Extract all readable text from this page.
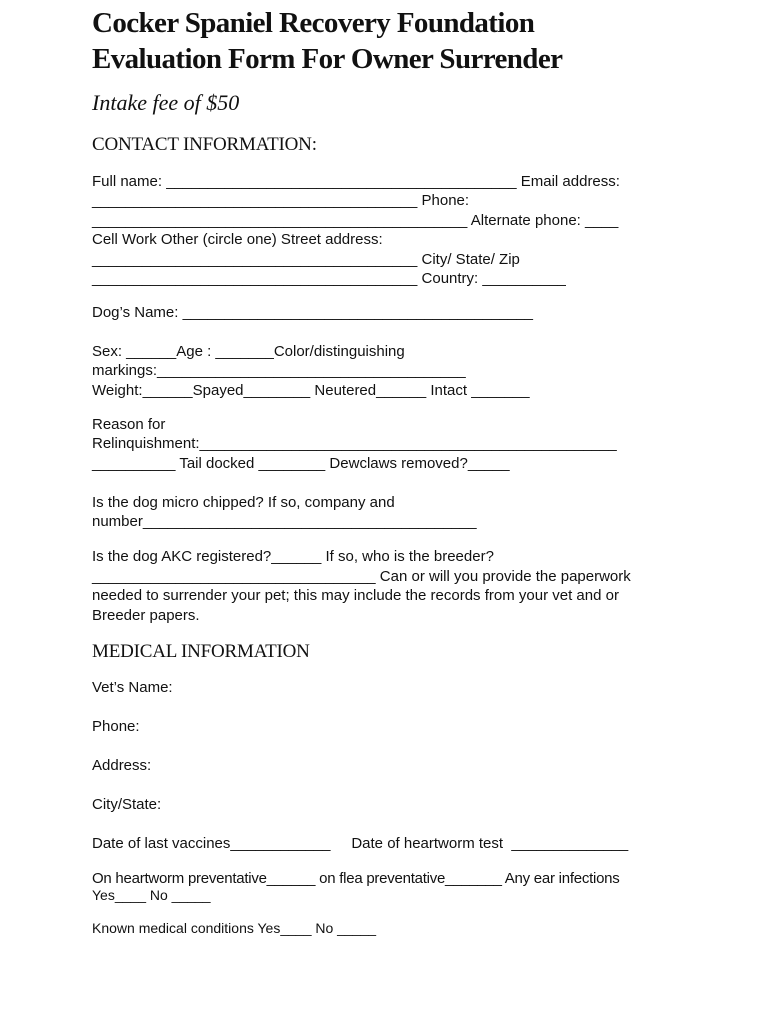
Cocker Spaniel Recovery Foundation
Evaluation Form For Owner Surrender
Intake fee of $50
CONTACT INFORMATION:
Full name: __________________________________________ Email address:
_______________________________________ Phone:
_____________________________________________ Alternate phone: ____
Cell Work Other (circle one) Street address:
_______________________________________ City/ State/ Zip
_______________________________________ Country: __________
Dog’s Name: __________________________________________
Sex: ______Age : _______Color/distinguishing
markings:_____________________________________
Weight:______Spayed________ Neutered______ Intact _______
Reason for
Relinquishment:__________________________________________________
__________ Tail docked ________ Dewclaws removed?_____
Is the dog micro chipped? If so, company and
number________________________________________
Is the dog AKC registered?______ If so, who is the breeder?
__________________________________ Can or will you provide the paperwork
needed to surrender your pet; this may include the records from your vet and or
Breeder papers.
MEDICAL INFORMATION
Vet’s Name:
Phone:
Address:
City/State:
Date of last vaccines____________     Date of heartworm test  ______________
On heartworm preventative______ on flea preventative_______ Any ear infections
Yes____ No _____
Known medical conditions Yes____ No _____
